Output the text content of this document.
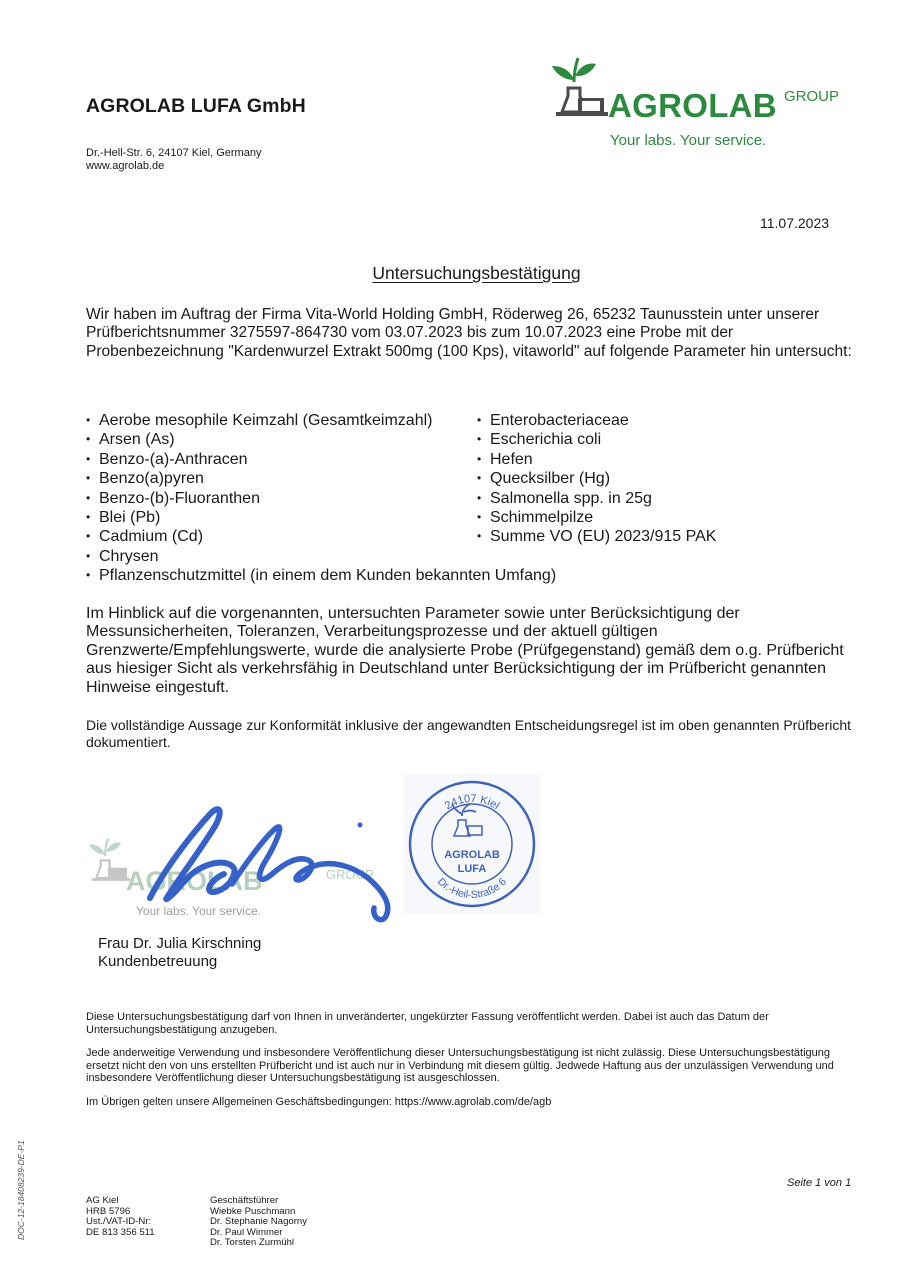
AGROLAB LUFA GmbH
Dr.-Hell-Str. 6, 24107 Kiel, Germany
www.agrolab.de
AGROLAB GROUP
Your labs. Your service.
11.07.2023
Untersuchungsbestätigung
Wir haben im Auftrag der Firma Vita-World Holding GmbH, Röderweg 26, 65232 Taunusstein unter unserer Prüfberichtsnummer 3275597-864730 vom 03.07.2023 bis zum 10.07.2023 eine Probe mit der Probenbezeichnung "Kardenwurzel Extrakt 500mg (100 Kps), vitaworld" auf folgende Parameter hin untersucht:
• Aerobe mesophile Keimzahl (Gesamtkeimzahl)
• Arsen (As)
• Benzo-(a)-Anthracen
• Benzo(a)pyren
• Benzo-(b)-Fluoranthen
• Blei (Pb)
• Cadmium (Cd)
• Chrysen
• Pflanzenschutzmittel (in einem dem Kunden bekannten Umfang)
• Enterobacteriaceae
• Escherichia coli
• Hefen
• Quecksilber (Hg)
• Salmonella spp. in 25g
• Schimmelpilze
• Summe VO (EU) 2023/915 PAK
Im Hinblick auf die vorgenannten, untersuchten Parameter sowie unter Berücksichtigung der Messunsicherheiten, Toleranzen, Verarbeitungsprozesse und der aktuell gültigen Grenzwerte/Empfehlungswerte, wurde die analysierte Probe (Prüfgegenstand) gemäß dem o.g. Prüfbericht aus hiesiger Sicht als verkehrsfähig in Deutschland unter Berücksichtigung der im Prüfbericht genannten Hinweise eingestuft.
Die vollständige Aussage zur Konformität inklusive der angewandten Entscheidungsregel ist im oben genannten Prüfbericht dokumentiert.
AGROLAB	GROUP
Your labs. Your service.
24107 Kiel
Dr.-Heil-Straße 6
AGROLAB
LUFA
Frau Dr. Julia Kirschning
Kundenbetreuung

Diese Untersuchungsbestätigung darf von Ihnen in unveränderter, ungekürzter Fassung veröffentlicht werden. Dabei ist auch das Datum der Untersuchungsbestätigung anzugeben.

Jede anderweitige Verwendung und insbesondere Veröffentlichung dieser Untersuchungsbestätigung ist nicht zulässig. Diese Untersuchungsbestätigung ersetzt nicht den von uns erstellten Prüfbericht und ist auch nur in Verbindung mit diesem gültig. Jedwede Haftung aus der unzulässigen Verwendung und insbesondere Veröffentlichung dieser Untersuchungsbestätigung ist ausgeschlossen.

Im Übrigen gelten unsere Allgemeinen Geschäftsbedingungen: https://www.agrolab.com/de/agb

DOC-12-18408239-DE-P1	Seite 1 von 1
AG Kiel
HRB 5796
Ust./VAT-ID-Nr:
DE 813 356 511
Geschäftsführer
Wiebke Puschmann
Dr. Stephanie Nagorny
Dr. Paul Wimmer
Dr. Torsten Zurmühl
